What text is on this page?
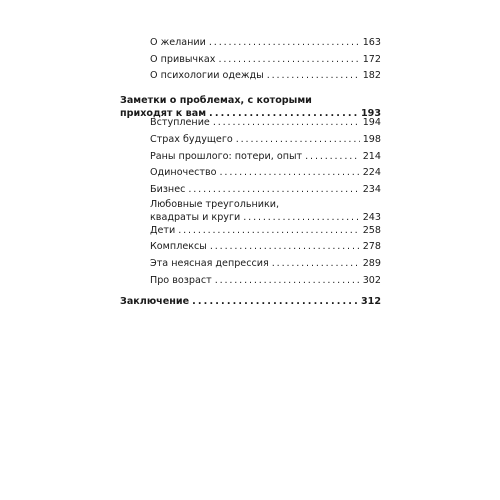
О желании . . .	163
О привычках . . .	172
О психологии одежды . . .	182
Заметки о проблемах, с которыми
приходят к вам . . .	193
Вступление . . .	194
Страх будущего . . .	198
Раны прошлого: потери, опыт . . .	214
Одиночество . . .	224
Бизнес . . .	234
Любовные треугольники,
квадраты и круги . . .	243
Дети . . .	258
Комплексы . . .	278
Эта неясная депрессия . . .	289
Про возраст . . .	302
Заключение . . .	312
